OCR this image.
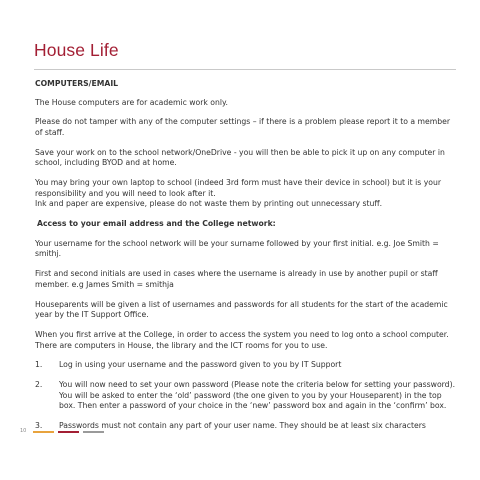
House Life
COMPUTERS/EMAIL

The House computers are for academic work only.

Please do not tamper with any of the computer settings – if there is a problem please report it to a member of staff.

Save your work on to the school network/OneDrive - you will then be able to pick it up on any computer in school, including BYOD and at home.

You may bring your own laptop to school (indeed 3rd form must have their device in school) but it is your responsibility and you will need to look after it.
Ink and paper are expensive, please do not waste them by printing out unnecessary stuff.

Access to your email address and the College network:

Your username for the school network will be your surname followed by your first initial. e.g. Joe Smith = smithj.

First and second initials are used in cases where the username is already in use by another pupil or staff member. e.g James Smith = smithja

Houseparents will be given a list of usernames and passwords for all students for the start of the academic year by the IT Support Office.

When you first arrive at the College, in order to access the system you need to log onto a school computer. There are computers in House, the library and the ICT rooms for you to use.

1.	Log in using your username and the password given to you by IT Support
2.	You will now need to set your own password (Please note the criteria below for setting your password). You will be asked to enter the ‘old’ password (the one given to you by your Houseparent) in the top box. Then enter a password of your choice in the ‘new’ password box and again in the ‘confirm’ box.
3.	Passwords must not contain any part of your user name. They should be at least six characters
10
